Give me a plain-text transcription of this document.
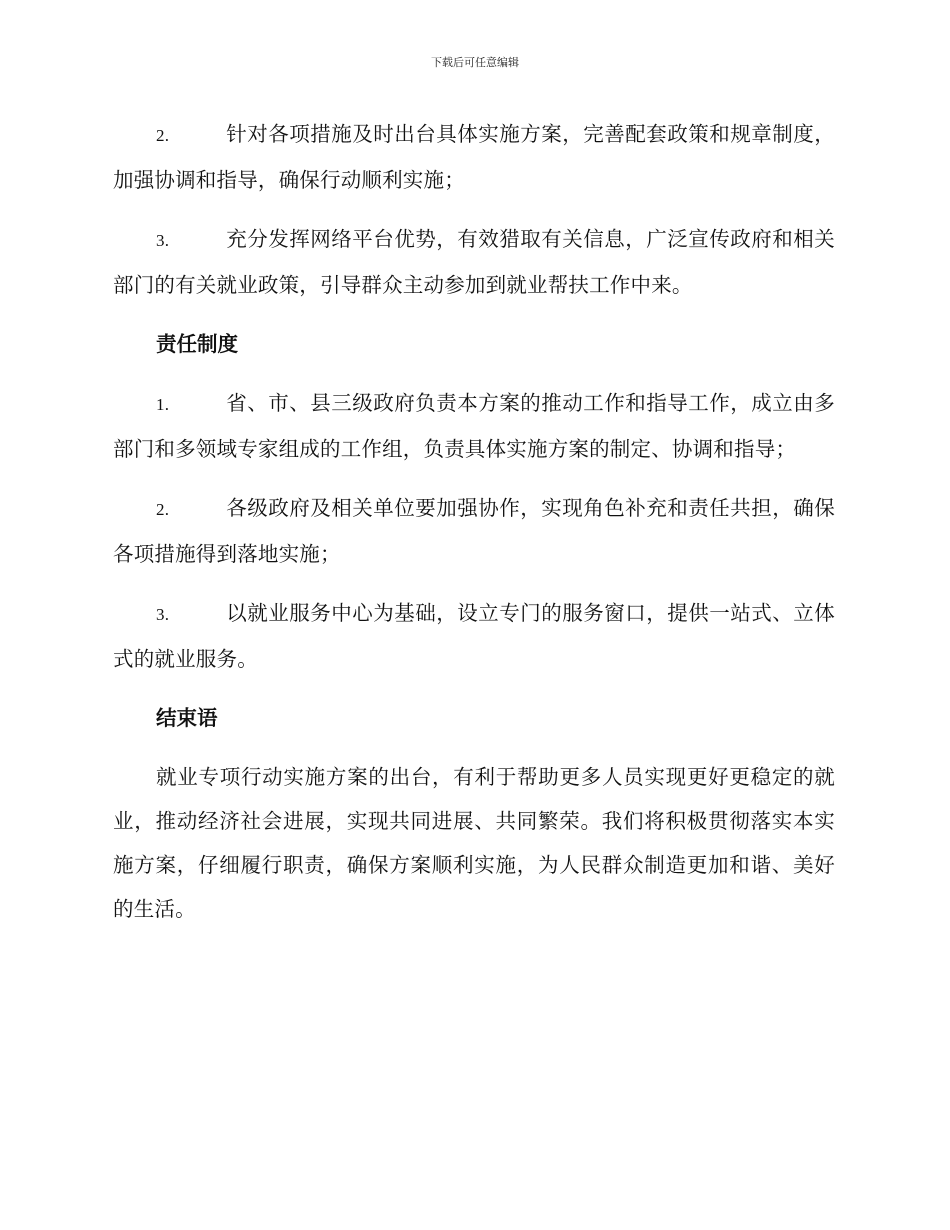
下载后可任意编辑

2.	针对各项措施及时出台具体实施方案，完善配套政策和规章制度，加强协调和指导，确保行动顺利实施；

3.	充分发挥网络平台优势，有效猎取有关信息，广泛宣传政府和相关部门的有关就业政策，引导群众主动参加到就业帮扶工作中来。

责任制度

1.	省、市、县三级政府负责本方案的推动工作和指导工作，成立由多部门和多领域专家组成的工作组，负责具体实施方案的制定、协调和指导；

2.	各级政府及相关单位要加强协作，实现角色补充和责任共担，确保各项措施得到落地实施；

3.	以就业服务中心为基础，设立专门的服务窗口，提供一站式、立体式的就业服务。

结束语

就业专项行动实施方案的出台，有利于帮助更多人员实现更好更稳定的就业，推动经济社会进展，实现共同进展、共同繁荣。我们将积极贯彻落实本实施方案，仔细履行职责，确保方案顺利实施，为人民群众制造更加和谐、美好的生活。
